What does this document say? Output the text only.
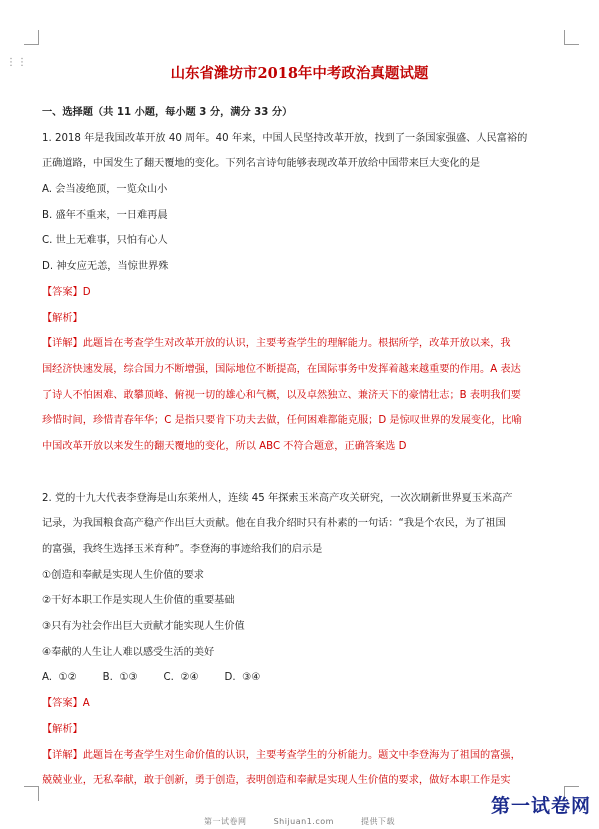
⋮⋮
山东省潍坊市2018年中考政治真题试题
一、选择题（共 11 小题，每小题 3 分，满分 33 分）
1. 2018 年是我国改革开放 40 周年。40 年来，中国人民坚持改革开放，找到了一条国家强盛、人民富裕的
正确道路，中国发生了翻天覆地的变化。下列名言诗句能够表现改革开放给中国带来巨大变化的是
A. 会当凌绝顶，一览众山小
B. 盛年不重来，一日难再晨
C. 世上无难事，只怕有心人
D. 神女应无恙，当惊世界殊
【答案】D
【解析】
【详解】此题旨在考查学生对改革开放的认识，主要考查学生的理解能力。根据所学，改革开放以来，我
国经济快速发展，综合国力不断增强，国际地位不断提高，在国际事务中发挥着越来越重要的作用。A 表达
了诗人不怕困难、敢攀顶峰、俯视一切的雄心和气概，以及卓然独立、兼济天下的豪情壮志；B 表明我们要
珍惜时间，珍惜青春年华；C 是指只要肯下功夫去做，任何困难都能克服；D 是惊叹世界的发展变化，比喻
中国改革开放以来发生的翻天覆地的变化，所以 ABC 不符合题意，正确答案选 D
2. 党的十九大代表李登海是山东莱州人，连续 45 年探索玉米高产攻关研究，一次次刷新世界夏玉米高产
记录，为我国粮食高产稳产作出巨大贡献。他在自我介绍时只有朴素的一句话：“我是个农民，为了祖国
的富强，我终生选择玉米育种”。李登海的事迹给我们的启示是
①创造和奉献是实现人生价值的要求
②干好本职工作是实现人生价值的重要基础
③只有为社会作出巨大贡献才能实现人生价值
④奉献的人生让人难以感受生活的美好
A.  ①②        B.  ①③        C.  ②④        D.  ③④
【答案】A
【解析】
【详解】此题旨在考查学生对生命价值的认识，主要考查学生的分析能力。题文中李登海为了祖国的富强，
兢兢业业，无私奉献，敢于创新，勇于创造，表明创造和奉献是实现人生价值的要求，做好本职工作是实
第一试卷网	Shijuan1.com	提供下载
第一试卷网
